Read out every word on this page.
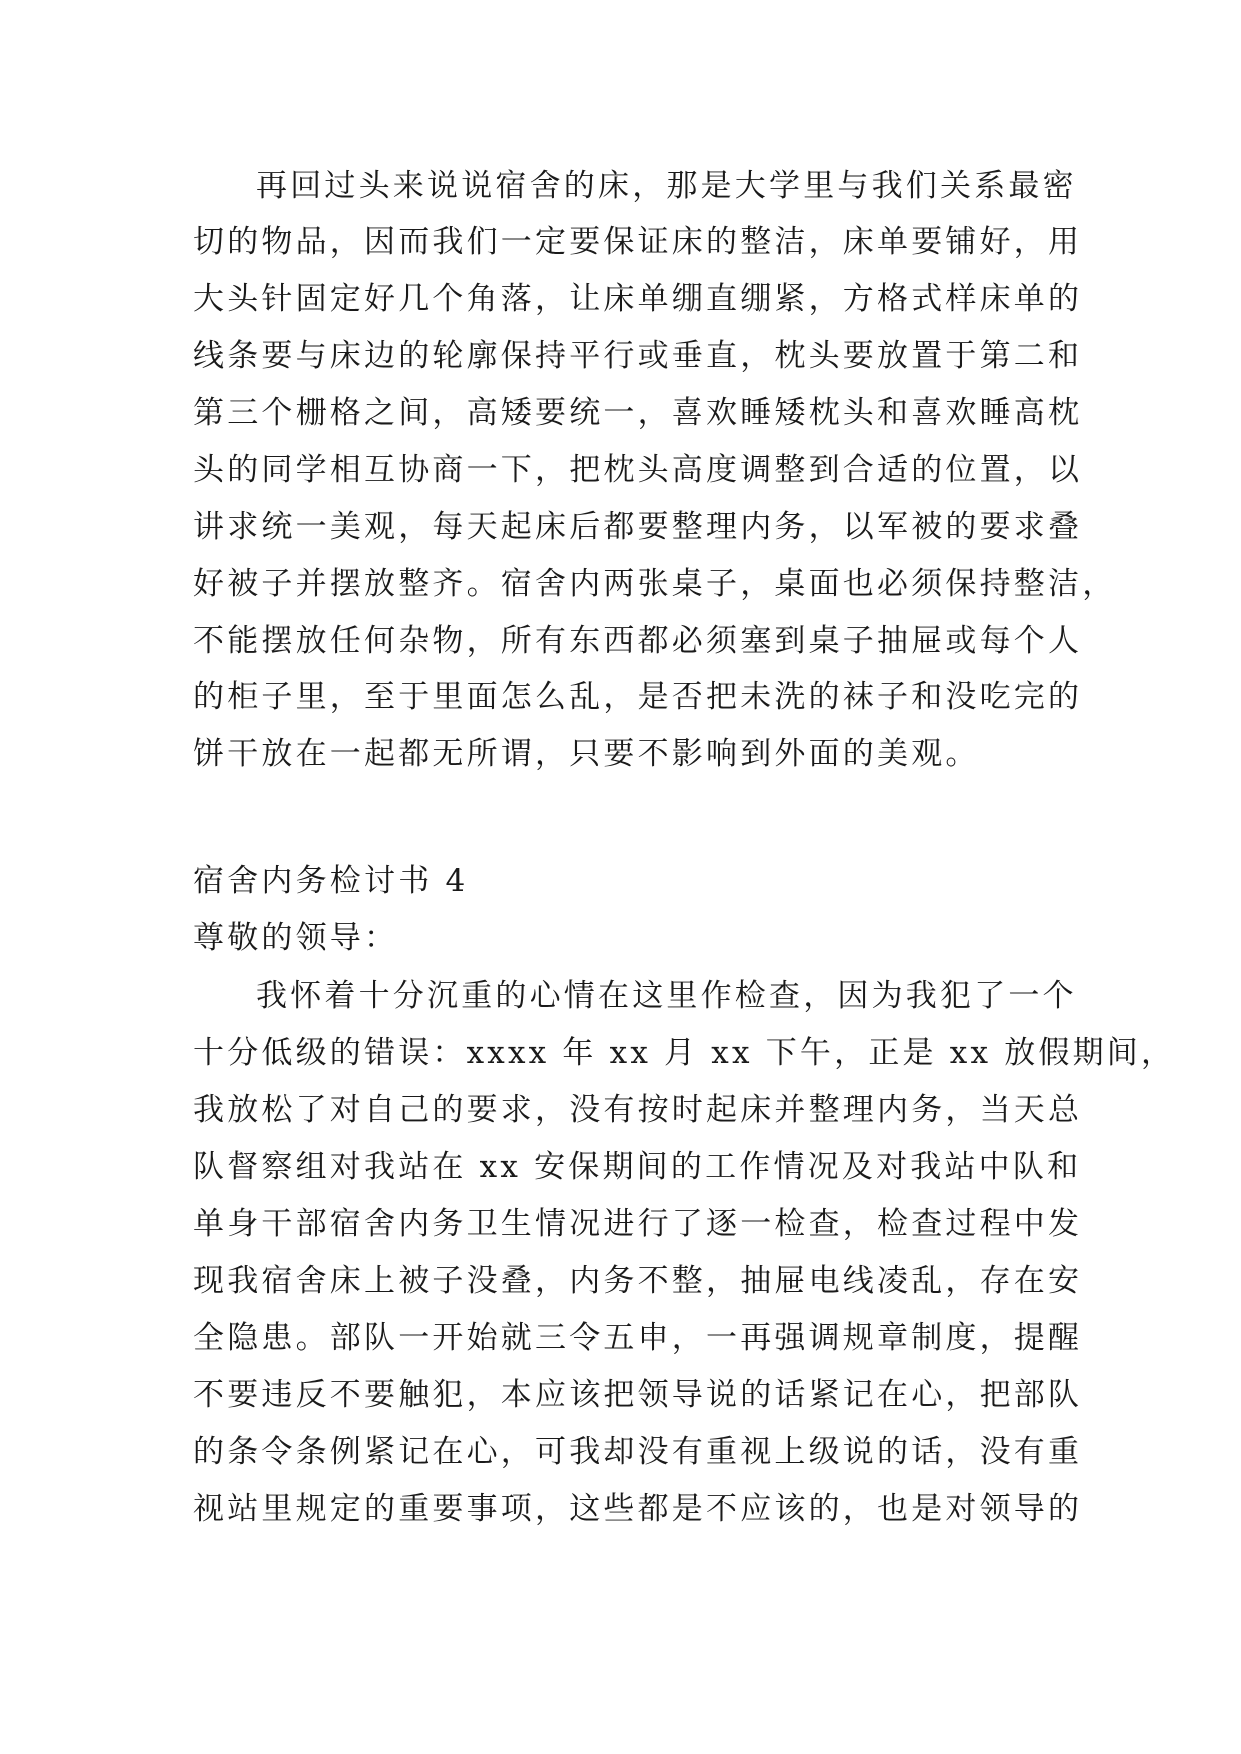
再回过头来说说宿舍的床，那是大学里与我们关系最密
切的物品，因而我们一定要保证床的整洁，床单要铺好，用
大头针固定好几个角落，让床单绷直绷紧，方格式样床单的
线条要与床边的轮廓保持平行或垂直，枕头要放置于第二和
第三个栅格之间，高矮要统一，喜欢睡矮枕头和喜欢睡高枕
头的同学相互协商一下，把枕头高度调整到合适的位置，以
讲求统一美观，每天起床后都要整理内务，以军被的要求叠
好被子并摆放整齐。宿舍内两张桌子，桌面也必须保持整洁，
不能摆放任何杂物，所有东西都必须塞到桌子抽屉或每个人
的柜子里，至于里面怎么乱，是否把未洗的袜子和没吃完的
饼干放在一起都无所谓，只要不影响到外面的美观。
宿舍内务检讨书 4
尊敬的领导：
我怀着十分沉重的心情在这里作检查，因为我犯了一个
十分低级的错误：xxxx 年 xx 月 xx 下午，正是 xx 放假期间，
我放松了对自己的要求，没有按时起床并整理内务，当天总
队督察组对我站在 xx 安保期间的工作情况及对我站中队和
单身干部宿舍内务卫生情况进行了逐一检查，检查过程中发
现我宿舍床上被子没叠，内务不整，抽屉电线凌乱，存在安
全隐患。部队一开始就三令五申，一再强调规章制度，提醒
不要违反不要触犯，本应该把领导说的话紧记在心，把部队
的条令条例紧记在心，可我却没有重视上级说的话，没有重
视站里规定的重要事项，这些都是不应该的，也是对领导的
